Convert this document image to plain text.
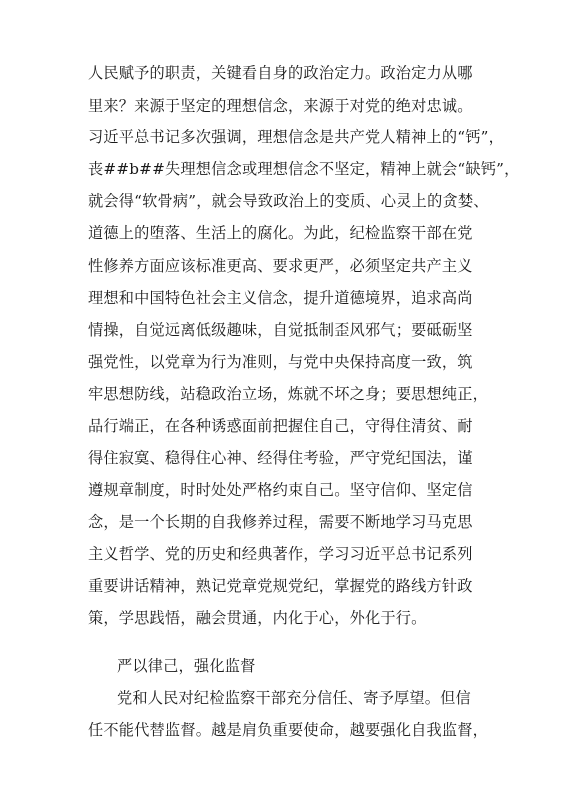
人民赋予的职责，关键看自身的政治定力。政治定力从哪
里来？来源于坚定的理想信念，来源于对党的绝对忠诚。
习近平总书记多次强调，理想信念是共产党人精神上的“钙”，
丧##b##失理想信念或理想信念不坚定，精神上就会“缺钙”，
就会得“软骨病”，就会导致政治上的变质、心灵上的贪婪、
道德上的堕落、生活上的腐化。为此，纪检监察干部在党
性修养方面应该标准更高、要求更严，必须坚定共产主义
理想和中国特色社会主义信念，提升道德境界，追求高尚
情操，自觉远离低级趣味，自觉抵制歪风邪气；要砥砺坚
强党性，以党章为行为准则，与党中央保持高度一致，筑
牢思想防线，站稳政治立场，炼就不坏之身；要思想纯正，
品行端正，在各种诱惑面前把握住自己，守得住清贫、耐
得住寂寞、稳得住心神、经得住考验，严守党纪国法，谨
遵规章制度，时时处处严格约束自己。坚守信仰、坚定信
念，是一个长期的自我修养过程，需要不断地学习马克思
主义哲学、党的历史和经典著作，学习习近平总书记系列
重要讲话精神，熟记党章党规党纪，掌握党的路线方针政
策，学思践悟，融会贯通，内化于心，外化于行。
严以律己，强化监督
党和人民对纪检监察干部充分信任、寄予厚望。但信
任不能代替监督。越是肩负重要使命，越要强化自我监督，
